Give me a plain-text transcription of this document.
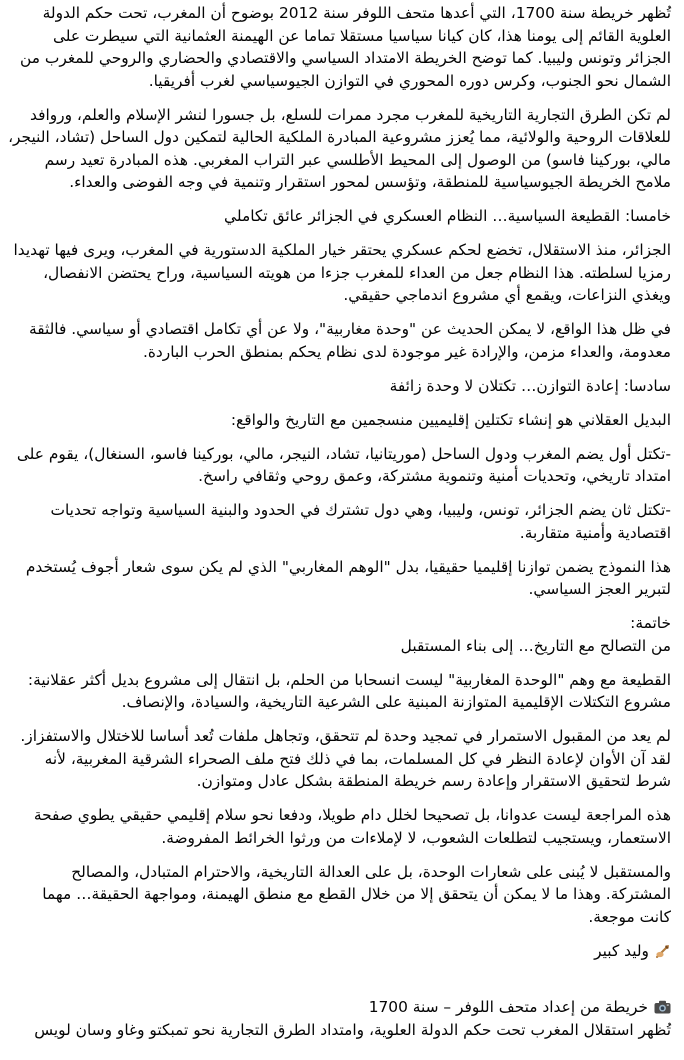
تُظهر خريطة سنة 1700، التي أعدها متحف اللوفر سنة 2012 بوضوح أن المغرب، تحت حكم الدولة العلوية القائم إلى يومنا هذا، كان كيانا سياسيا مستقلا تماما عن الهيمنة العثمانية التي سيطرت على الجزائر وتونس وليبيا. كما توضح الخريطة الامتداد السياسي والاقتصادي والحضاري والروحي للمغرب من الشمال نحو الجنوب، وكرس دوره المحوري في التوازن الجيوسياسي لغرب أفريقيا.

لم تكن الطرق التجارية التاريخية للمغرب مجرد ممرات للسلع، بل جسورا لنشر الإسلام والعلم، وروافد للعلاقات الروحية والولائية، مما يُعزز مشروعية المبادرة الملكية الحالية لتمكين دول الساحل (تشاد، النيجر، مالي، بوركينا فاسو) من الوصول إلى المحيط الأطلسي عبر التراب المغربي. هذه المبادرة تعيد رسم ملامح الخريطة الجيوسياسية للمنطقة، وتؤسس لمحور استقرار وتنمية في وجه الفوضى والعداء.

خامسا: القطيعة السياسية… النظام العسكري في الجزائر عائق تكاملي

الجزائر، منذ الاستقلال، تخضع لحكم عسكري يحتقر خيار الملكية الدستورية في المغرب، ويرى فيها تهديدا رمزيا لسلطته. هذا النظام جعل من العداء للمغرب جزءا من هويته السياسية، وراح يحتضن الانفصال، ويغذي النزاعات، ويقمع أي مشروع اندماجي حقيقي.

في ظل هذا الواقع، لا يمكن الحديث عن "وحدة مغاربية"، ولا عن أي تكامل اقتصادي أو سياسي. فالثقة معدومة، والعداء مزمن، والإرادة غير موجودة لدى نظام يحكم بمنطق الحرب الباردة.

سادسا: إعادة التوازن… تكتلان لا وحدة زائفة

البديل العقلاني هو إنشاء تكتلين إقليميين منسجمين مع التاريخ والواقع:

-تكتل أول يضم المغرب ودول الساحل (موريتانيا، تشاد، النيجر، مالي، بوركينا فاسو، السنغال)، يقوم على امتداد تاريخي، وتحديات أمنية وتنموية مشتركة، وعمق روحي وثقافي راسخ.

-تكتل ثان يضم الجزائر، تونس، وليبيا، وهي دول تشترك في الحدود والبنية السياسية وتواجه تحديات اقتصادية وأمنية متقاربة.

هذا النموذج يضمن توازنا إقليميا حقيقيا، بدل "الوهم المغاربي" الذي لم يكن سوى شعار أجوف يُستخدم لتبرير العجز السياسي.

خاتمة:
من التصالح مع التاريخ… إلى بناء المستقبل

القطيعة مع وهم "الوحدة المغاربية" ليست انسحابا من الحلم، بل انتقال إلى مشروع بديل أكثر عقلانية: مشروع التكتلات الإقليمية المتوازنة المبنية على الشرعية التاريخية، والسيادة، والإنصاف.

لم يعد من المقبول الاستمرار في تمجيد وحدة لم تتحقق، وتجاهل ملفات تُعد أساسا للاختلال والاستفزاز. لقد آن الأوان لإعادة النظر في كل المسلمات، بما في ذلك فتح ملف الصحراء الشرقية المغربية، لأنه شرط لتحقيق الاستقرار وإعادة رسم خريطة المنطقة بشكل عادل ومتوازن.

هذه المراجعة ليست عدوانا، بل تصحيحا لخلل دام طويلا، ودفعا نحو سلام إقليمي حقيقي يطوي صفحة الاستعمار، ويستجيب لتطلعات الشعوب، لا لإملاءات من ورثوا الخرائط المفروضة.

والمستقبل لا يُبنى على شعارات الوحدة، بل على العدالة التاريخية، والاحترام المتبادل، والمصالح المشتركة. وهذا ما لا يمكن أن يتحقق إلا من خلال القطع مع منطق الهيمنة، ومواجهة الحقيقة… مهما كانت موجعة.

وليد كبير

خريطة من إعداد متحف اللوفر – سنة 1700

تُظهر استقلال المغرب تحت حكم الدولة العلوية، وامتداد الطرق التجارية نحو تمبكتو وغاو وسان لويس
